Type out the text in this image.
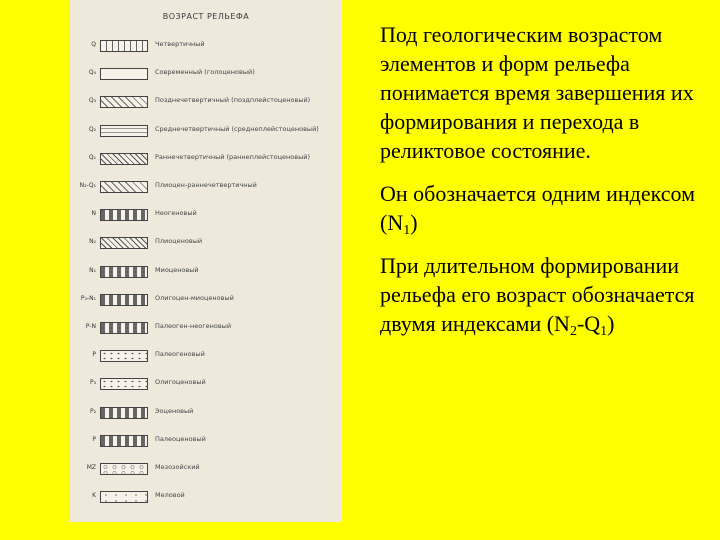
ВОЗРАСТ РЕЛЬЕФА
Q	Четвертичный
Q₄	Современный (голоценовый)
Q₃	Позднечетвертичный (поздплейстоценовый)
Q₂	Среднечетвертичный (среднеплейстоценовый)
Q₁	Раннечетвертичный (раннеплейстоценовый)
N₂-Q₁	Плиоцен-раннечетвертичный
N	Неогеновый
N₂	Плиоценовый
N₁	Миоценовый
P₃-N₁	Олигоцен-миоценовый
P-N	Палеоген-неогеновый
P	Палеогеновый
P₃	Олигоценовый
P₂	Эоценовый
P	Палеоценовый
MZ	Мезозойский
K	Меловой

Под геологическим возрастом элементов и форм рельефа понимается время завершения их формирования и перехода в реликтовое состояние.

Он обозначается одним индексом $(N_1)$

При длительном формировании рельефа его возраст обозначается двумя индексами $(N_2-Q_1)$
